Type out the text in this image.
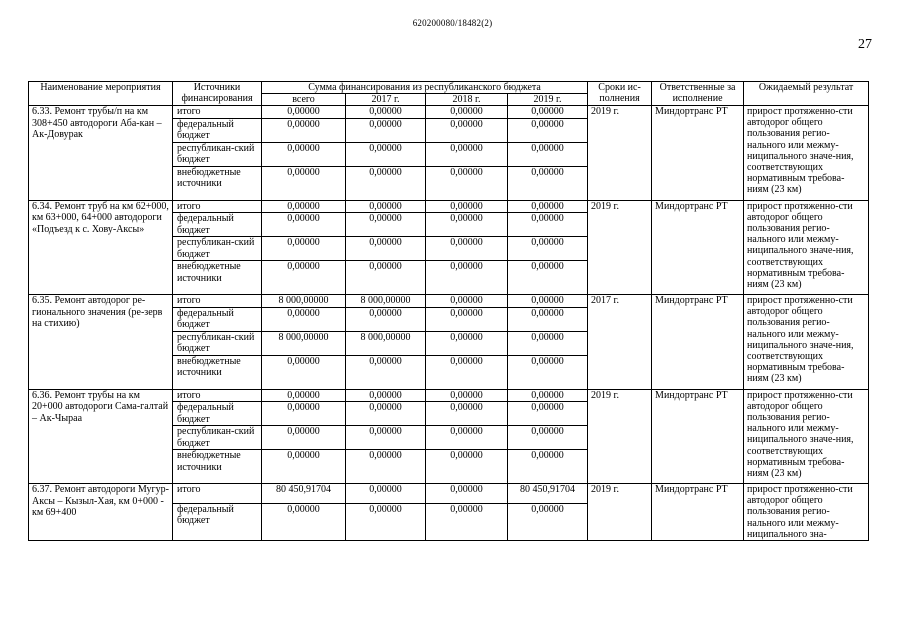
620200080/18482(2)
27
Наименование мероприятия	Источники финансирования	Сумма финансирования из республиканского бюджета				Сроки ис-полнения	Ответственные за исполнение	Ожидаемый результат
		всего	2017 г.	2018 г.	2019 г.			
6.33. Ремонт трубы/п на км 308+450 автодороги Аба-кан –Ак-Довурак	итого	0,00000	0,00000	0,00000	0,00000	2019 г.	Миндортранс РТ	прирост протяженно-сти автодорог общего пользования регио-нального или межму-ниципального значе-ния, соответствующих нормативным требова-ниям (23 км)
	федеральный бюджет	0,00000	0,00000	0,00000	0,00000			
	республикан-ский бюджет	0,00000	0,00000	0,00000	0,00000			
	внебюджетные источники	0,00000	0,00000	0,00000	0,00000			
6.34. Ремонт труб на км 62+000, км 63+000, 64+000 автодороги «Подъезд к с. Хову-Аксы»	итого	0,00000	0,00000	0,00000	0,00000	2019 г.	Миндортранс РТ	прирост протяженно-сти автодорог общего пользования регио-нального или межму-ниципального значе-ния, соответствующих нормативным требова-ниям (23 км)
	федеральный бюджет	0,00000	0,00000	0,00000	0,00000			
	республикан-ский бюджет	0,00000	0,00000	0,00000	0,00000			
	внебюджетные источники	0,00000	0,00000	0,00000	0,00000			
6.35. Ремонт автодорог ре-гионального значения (ре-зерв на стихию)	итого	8 000,00000	8 000,00000	0,00000	0,00000	2017 г.	Миндортранс РТ	прирост протяженно-сти автодорог общего пользования регио-нального или межму-ниципального значе-ния, соответствующих нормативным требова-ниям (23 км)
	федеральный бюджет	0,00000	0,00000	0,00000	0,00000			
	республикан-ский бюджет	8 000,00000	8 000,00000	0,00000	0,00000			
	внебюджетные источники	0,00000	0,00000	0,00000	0,00000			
6.36. Ремонт трубы на км 20+000 автодороги Сама-галтай – Ак-Чыраа	итого	0,00000	0,00000	0,00000	0,00000	2019 г.	Миндортранс РТ	прирост протяженно-сти автодорог общего пользования регио-нального или межму-ниципального значе-ния, соответствующих нормативным требова-ниям (23 км)
	федеральный бюджет	0,00000	0,00000	0,00000	0,00000			
	республикан-ский бюджет	0,00000	0,00000	0,00000	0,00000			
	внебюджетные источники	0,00000	0,00000	0,00000	0,00000			
6.37. Ремонт автодороги Мугур-Аксы – Кызыл-Хая, км 0+000 - км 69+400	итого	80 450,91704	0,00000	0,00000	80 450,91704	2019 г.	Миндортранс РТ	прирост протяженно-сти автодорог общего пользования регио-нального или межму-ниципального зна-
	федеральный бюджет	0,00000	0,00000	0,00000	0,00000			
